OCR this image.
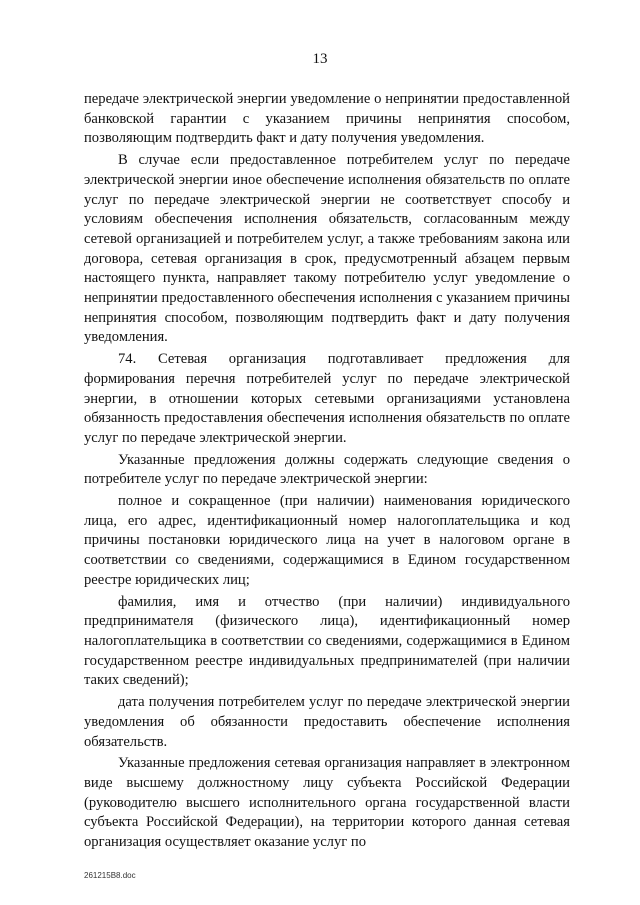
13

передаче электрической энергии уведомление о непринятии предоставленной банковской гарантии с указанием причины непринятия способом, позволяющим подтвердить факт и дату получения уведомления.

В случае если предоставленное потребителем услуг по передаче электрической энергии иное обеспечение исполнения обязательств по оплате услуг по передаче электрической энергии не соответствует способу и условиям обеспечения исполнения обязательств, согласованным между сетевой организацией и потребителем услуг, а также требованиям закона или договора, сетевая организация в срок, предусмотренный абзацем первым настоящего пункта, направляет такому потребителю услуг уведомление о непринятии предоставленного обеспечения исполнения с указанием причины непринятия способом, позволяющим подтвердить факт и дату получения уведомления.

74. Сетевая организация подготавливает предложения для формирования перечня потребителей услуг по передаче электрической энергии, в отношении которых сетевыми организациями установлена обязанность предоставления обеспечения исполнения обязательств по оплате услуг по передаче электрической энергии.

Указанные предложения должны содержать следующие сведения о потребителе услуг по передаче электрической энергии:

полное и сокращенное (при наличии) наименования юридического лица, его адрес, идентификационный номер налогоплательщика и код причины постановки юридического лица на учет в налоговом органе в соответствии со сведениями, содержащимися в Едином государственном реестре юридических лиц;

фамилия, имя и отчество (при наличии) индивидуального предпринимателя (физического лица), идентификационный номер налогоплательщика в соответствии со сведениями, содержащимися в Едином государственном реестре индивидуальных предпринимателей (при наличии таких сведений);

дата получения потребителем услуг по передаче электрической энергии уведомления об обязанности предоставить обеспечение исполнения обязательств.

Указанные предложения сетевая организация направляет в электронном виде высшему должностному лицу субъекта Российской Федерации (руководителю высшего исполнительного органа государственной власти субъекта Российской Федерации), на территории которого данная сетевая организация осуществляет оказание услуг по

261215B8.doc
